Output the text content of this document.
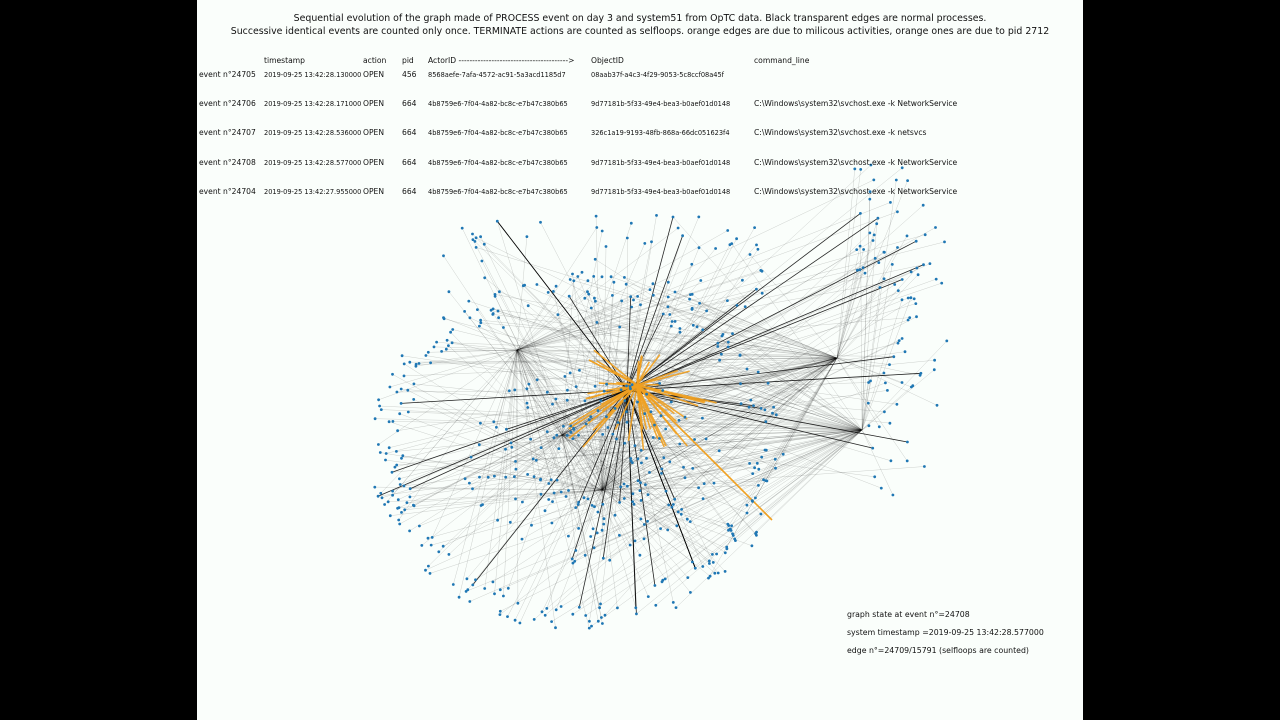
Sequential evolution of the graph made of PROCESS event on day 3 and system51 from OpTC data. Black transparent edges are normal processes.
Successive identical events are counted only once. TERMINATE actions are counted as selfloops. orange edges are due to milicous activities, orange ones are due to pid 2712
timestamp	action pid ActorID ----------------------------------------> ObjectID	command_line
event n°24705 2019-09-25 13:42:28.130000 OPEN 456 8568aefe-7afa-4572-ac91-5a3acd1185d7	08aab37f-a4c3-4f29-9053-5c8ccf08a45f
event n°24706 2019-09-25 13:42:28.171000 OPEN 664 4b8759e6-7f04-4a82-bc8c-e7b47c380b65	9d77181b-5f33-49e4-bea3-b0aef01d0148	C:\Windows\system32\svchost.exe -k NetworkService
event n°24707 2019-09-25 13:42:28.536000 OPEN 664 4b8759e6-7f04-4a82-bc8c-e7b47c380b65	326c1a19-9193-48fb-868a-66dc051623f4	C:\Windows\system32\svchost.exe -k netsvcs
event n°24708 2019-09-25 13:42:28.577000 OPEN 664 4b8759e6-7f04-4a82-bc8c-e7b47c380b65	9d77181b-5f33-49e4-bea3-b0aef01d0148	C:\Windows\system32\svchost.exe -k NetworkService
event n°24704 2019-09-25 13:42:27.955000 OPEN 664 4b8759e6-7f04-4a82-bc8c-e7b47c380b65	9d77181b-5f33-49e4-bea3-b0aef01d0148	C:\Windows\system32\svchost.exe -k NetworkService
graph state at event n°=24708
system timestamp =2019-09-25 13:42:28.577000
edge n°=24709/15791 (selfloops are counted)
